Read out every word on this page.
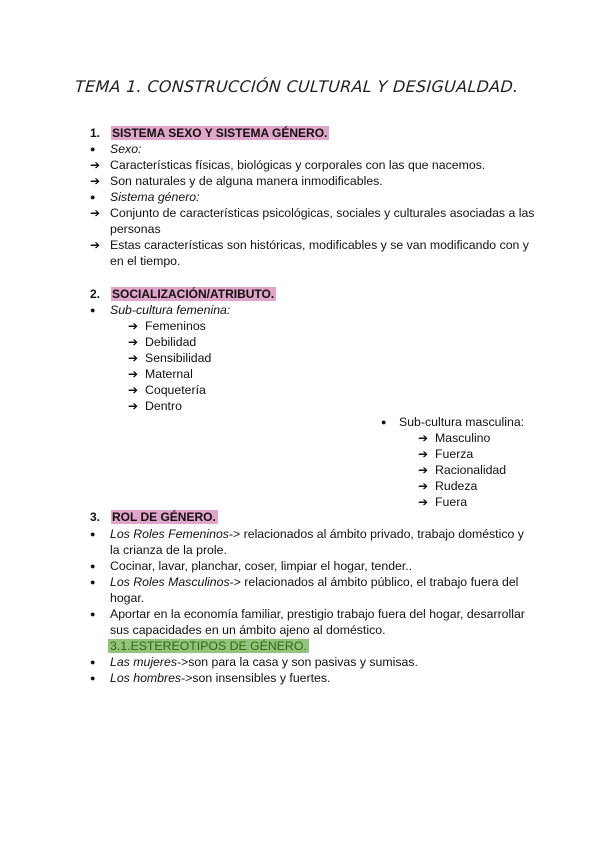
TEMA 1. CONSTRUCCIÓN CULTURAL Y DESIGUALDAD.
1. SISTEMA SEXO Y SISTEMA GÉNERO.
●	Sexo:
➔ Características físicas, biológicas y corporales con las que nacemos.
➔ Son naturales y de alguna manera inmodificables.
●	Sistema género:
➔ Conjunto de características psicológicas, sociales y culturales asociadas a las
personas
➔ Estas características son históricas, modificables y se van modificando con y
en el tiempo.
2. SOCIALIZACIÓN/ATRIBUTO.
●	Sub-cultura femenina:
➔ Femeninos
➔ Debilidad
➔ Sensibilidad
➔ Maternal
➔ Coquetería
➔ Dentro
●	Sub-cultura masculina:
➔ Masculino
➔ Fuerza
➔ Racionalidad
➔ Rudeza
➔ Fuera
3. ROL DE GÉNERO.
●	Los Roles Femeninos-> relacionados al ámbito privado, trabajo doméstico y
la crianza de la prole.
●	Cocinar, lavar, planchar, coser, limpiar el hogar, tender..
●	Los Roles Masculinos-> relacionados al ámbito público, el trabajo fuera del
hogar.
●	Aportar en la economía familiar, prestigio trabajo fuera del hogar, desarrollar
sus capacidades en un ámbito ajeno al doméstico.
3.1.ESTEREOTIPOS DE GÉNERO.
●	Las mujeres->son para la casa y son pasivas y sumisas.
●	Los hombres->son insensibles y fuertes.
